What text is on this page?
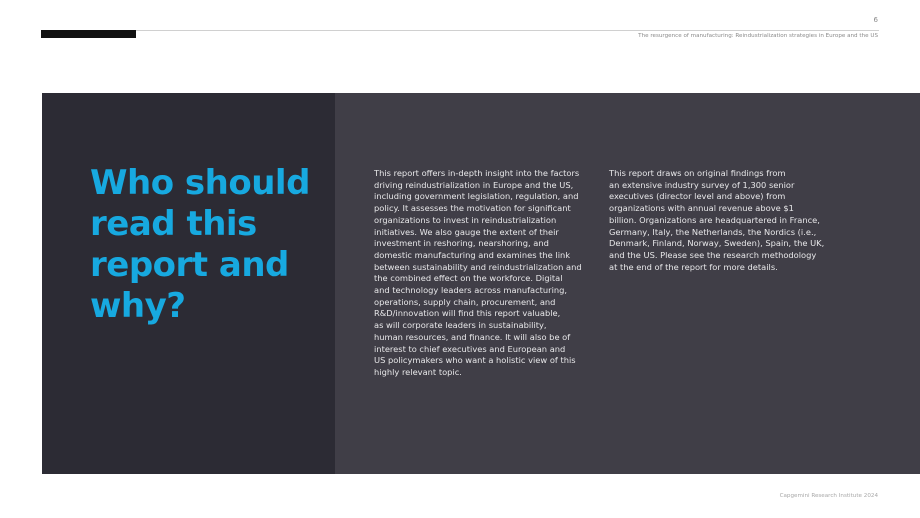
6
The resurgence of manufacturing: Reindustrialization strategies in Europe and the US
Who should read this report and why?

This report offers in-depth insight into the factors
driving reindustrialization in Europe and the US,
including government legislation, regulation, and
policy. It assesses the motivation for significant
organizations to invest in reindustrialization
initiatives. We also gauge the extent of their
investment in reshoring, nearshoring, and
domestic manufacturing and examines the link
between sustainability and reindustrialization and
the combined effect on the workforce. Digital
and technology leaders across manufacturing,
operations, supply chain, procurement, and
R&D/innovation will find this report valuable,
as will corporate leaders in sustainability,
human resources, and finance. It will also be of
interest to chief executives and European and
US policymakers who want a holistic view of this
highly relevant topic.

This report draws on original findings from
an extensive industry survey of 1,300 senior
executives (director level and above) from
organizations with annual revenue above $1
billion. Organizations are headquartered in France,
Germany, Italy, the Netherlands, the Nordics (i.e.,
Denmark, Finland, Norway, Sweden), Spain, the UK,
and the US. Please see the research methodology
at the end of the report for more details.

Capgemini Research Institute 2024
